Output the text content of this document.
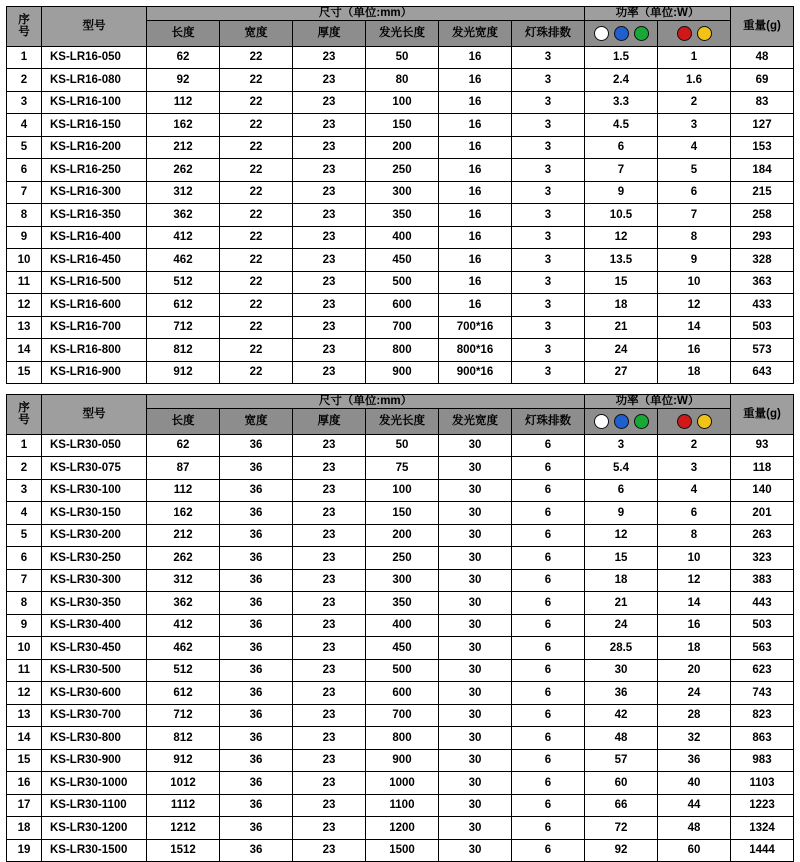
序
号	型号	尺寸（单位:mm）						功率（单位:W）		重量(g)
		长度	宽度	厚度	发光长度	发光宽度	灯珠排数		

1	KS-LR16-050	62	22	23	50	16	3	1.5	1	48
2	KS-LR16-080	92	22	23	80	16	3	2.4	1.6	69
3	KS-LR16-100	112	22	23	100	16	3	3.3	2	83
4	KS-LR16-150	162	22	23	150	16	3	4.5	3	127
5	KS-LR16-200	212	22	23	200	16	3	6	4	153
6	KS-LR16-250	262	22	23	250	16	3	7	5	184
7	KS-LR16-300	312	22	23	300	16	3	9	6	215
8	KS-LR16-350	362	22	23	350	16	3	10.5	7	258
9	KS-LR16-400	412	22	23	400	16	3	12	8	293
10	KS-LR16-450	462	22	23	450	16	3	13.5	9	328
11	KS-LR16-500	512	22	23	500	16	3	15	10	363
12	KS-LR16-600	612	22	23	600	16	3	18	12	433
13	KS-LR16-700	712	22	23	700	700*16	3	21	14	503
14	KS-LR16-800	812	22	23	800	800*16	3	24	16	573
15	KS-LR16-900	912	22	23	900	900*16	3	27	18	643
序
号	型号	尺寸（单位:mm）						功率（单位:W）		重量(g)
		长度	宽度	厚度	发光长度	发光宽度	灯珠排数		

1	KS-LR30-050	62	36	23	50	30	6	3	2	93
2	KS-LR30-075	87	36	23	75	30	6	5.4	3	118
3	KS-LR30-100	112	36	23	100	30	6	6	4	140
4	KS-LR30-150	162	36	23	150	30	6	9	6	201
5	KS-LR30-200	212	36	23	200	30	6	12	8	263
6	KS-LR30-250	262	36	23	250	30	6	15	10	323
7	KS-LR30-300	312	36	23	300	30	6	18	12	383
8	KS-LR30-350	362	36	23	350	30	6	21	14	443
9	KS-LR30-400	412	36	23	400	30	6	24	16	503
10	KS-LR30-450	462	36	23	450	30	6	28.5	18	563
11	KS-LR30-500	512	36	23	500	30	6	30	20	623
12	KS-LR30-600	612	36	23	600	30	6	36	24	743
13	KS-LR30-700	712	36	23	700	30	6	42	28	823
14	KS-LR30-800	812	36	23	800	30	6	48	32	863
15	KS-LR30-900	912	36	23	900	30	6	57	36	983
16	KS-LR30-1000	1012	36	23	1000	30	6	60	40	1103
17	KS-LR30-1100	1112	36	23	1100	30	6	66	44	1223
18	KS-LR30-1200	1212	36	23	1200	30	6	72	48	1324
19	KS-LR30-1500	1512	36	23	1500	30	6	92	60	1444
